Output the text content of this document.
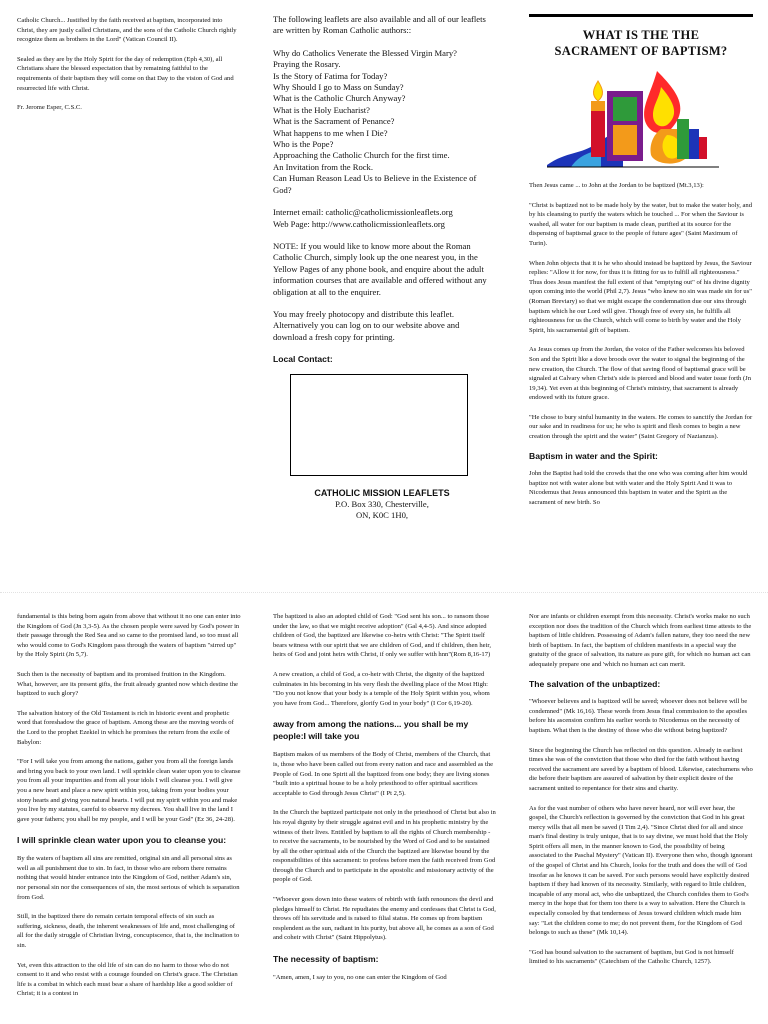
Catholic Church... Justified by the faith received at baptism, incorporated into Christ, they are justly called Christians, and the sons of the Catholic Church rightly recognize them as brothers in the Lord" (Vatican Council II).

Sealed as they are by the Holy Spirit for the day of redemption (Eph 4,30), all Christians share the blessed expectation that by remaining faithful to the requirements of their baptism they will come on that Day to the vision of God and resurrected life with Christ.

Fr. Jerome Esper, C.S.C.

The following leaflets are also available and all of our leaflets are written by Roman Catholic authors::

Why do Catholics Venerate the Blessed Virgin Mary?
Praying the Rosary.
Is the Story of Fatima for Today?
Why Should I go to Mass on Sunday?
What is the Catholic Church Anyway?
What is the Holy Eucharist?
What is the Sacrament of Penance?
What happens to me when I Die?
Who is the Pope?
Approaching the Catholic Church for the first time.
An Invitation from the Rock.
Can Human Reason Lead Us to Believe in the Existence of God?
Internet email: catholic@catholicmissionleaflets.org
Web Page: http://www.catholicmissionleaflets.org

NOTE: If you would like to know more about the Roman Catholic Church, simply look up the one nearest you, in the Yellow Pages of any phone book, and enquire about the adult information courses that are available and offered without any obligation at all to the enquirer.

You may freely photocopy and distribute this leaflet. Alternatively you can log on to our website above and download a fresh copy for printing.

Local Contact:
CATHOLIC MISSION LEAFLETS
P.O. Box 330, Chesterville,
ON, K0C 1H0,
WHAT IS THE THE
SACRAMENT OF BAPTISM?

Then Jesus came ... to John at the Jordan to be baptized (Mt.3,13):

"Christ is baptized not to be made holy by the water, but to make the water holy, and by his cleansing to purify the waters which he touched ... For when the Saviour is washed, all water for our baptism is made clean, purified at its source for the dispensing of baptismal grace to the people of future ages" (Saint Maximum of Turin).

When John objects that it is he who should instead be baptized by Jesus, the Saviour replies: "Allow it for now, for thus it is fitting for us to fulfill all righteousness." Thus does Jesus manifest the full extent of that "emptying out" of his divine dignity upon coming into the world (Phil 2,7). Jesus "who knew no sin was made sin for us" (Roman Breviary) so that we might escape the condemnation due our sins through baptism which he our Lord will give. Though free of every sin, he fulfills all righteousness for us the Church, which will come to birth by water and the Holy Spirit, his sacramental gift of baptism.

As Jesus comes up from the Jordan, the voice of the Father welcomes his beloved Son and the Spirit like a dove broods over the water to signal the beginning of the new creation, the Church. The flow of that saving flood of baptismal grace will be signaled at Calvary when Christ's side is pierced and blood and water issue forth (Jn 19,34). Yet even at this beginning of Christ's ministry, that sacrament is already endowed with its future grace.

"He chose to bury sinful humanity in the waters. He comes to sanctify the Jordan for our sake and in readiness for us; he who is spirit and flesh comes to begin a new creation through the spirit and the water" (Saint Gregory of Nazianzus).

Baptism in water and the Spirit:

John the Baptist had told the crowds that the one who was coming after him would baptize not with water alone but with water and the Holy Spirit And it was to Nicodemus that Jesus announced this baptism in water and the Spirit as the sacrament of new birth. So

fundamental is this being born again from above that without it no one can enter into the Kingdom of God (Jn 3,3-5). As the chosen people were saved by God's power in their passage through the Red Sea and so came to the promised land, so too must all who would come to God's Kingdom pass through the waters of baptism "sirred up" by the Holy Spirit (Jn 5,7).

Such then is the necessity of baptism and its promised fruition in the Kingdom. What, however, are its present gifts, the fruit already granted now which destine the baptized to such glory?

The salvation history of the Old Testament is rich in historic event and prophetic word that foreshadow the grace of baptism. Among these are the moving words of the Lord to the prophet Ezekiel in which he promises the return from the exile of Babylon:

"For I will take you from among the nations, gather you from all the foreign lands and bring you back to your own land. I will sprinkle clean water upon you to cleanse you from all your impurities and from all your idols I will cleanse you. I will give you a new heart and place a new spirit within you, taking from your bodies your stony hearts and giving you natural hearts. I will put my spirit within you and make you live by my statutes, careful to observe my decrees. You shall live in the land I gave your fathers; you shall be my people, and I will be your God" (Ez 36, 24-28).

I will sprinkle clean water upon you to cleanse you:

By the waters of baptism all sins are remitted, original sin and all personal sins as well as all punishment due to sin. In fact, in those who are reborn there remains nothing that would hinder entrance into the Kingdom of God, neither Adam's sin, nor personal sin nor the consequences of sin, the most serious of which is separation from God.

Still, in the baptized there do remain certain temporal effects of sin such as suffering, sickness, death, the inherent weaknesses of life and, most challenging of all for the daily struggle of Christian living, concupiscence, that is, the inclination to sin.

Yet, even this attraction to the old life of sin can do no harm to those who do not consent to it and who resist with a courage founded on Christ's grace. The Christian life is a combat in which each must bear a share of hardship like a good soldier of Christ; it is a contest in

The baptized is also an adopted child of God: "God sent his son... to ransom those under the law, so that we might receive adoption" (Gal 4,4-5). And since adopted children of God, the baptized are likewise co-heirs with Christ: "The Spirit itself bears witness with our spirit that we are children of God, and if children, then heir, heirs of God and joint heirs with Christ, if only we suffer with hnn"(Rom 8,16-17)

A new creation, a child of God, a co-heir with Christ, the dignity of the baptized culminates in his becoming in his very flesh the dwelling place of the Most High: "Do you not know that your body is a temple of the Holy Spirit within you, whom you have from God... Therefore, glorify God in your body" (I Cor 6,19-20).

away from among the nations... you shall be my people:I will take you

Baptism makes of us members of the Body of Christ, members of the Church, that is, those who have been called out from every nation and race and assembled as the People of God. In one Spirit all the baptized from one body; they are living stones "built into a spiritual house to be a holy priesthood to offer spiritual sacrifices acceptable to God through Jesus Christ" (I Pt 2,5).

In the Church the baptized participate not only in the priesthood of Christ but also in his royal dignity by their struggle against evil and in his prophetic ministry by the witness of their lives. Entitled by baptism to all the rights of Church membership - to receive the sacraments, to be nourished by the Word of God and to be sustained by all the other spiritual aids of the Church the baptized are likewise bound by the responsibilities of this sacrament: to profess before men the faith received from God through the Church and to participate in the apostolic and missionary activity of the people of God.

"Whoever goes down into these waters of rebirth with faith renounces the devil and pledges himself to Christ. He repudiates the enemy and confesses that Christ is God, throws off his servitude and is raised to filial status. He comes up from baptism resplendent as the sun, radiant in his purity, but above all, he comes as a son of God and coheir with Christ" (Saint Hippolytus).

The necessity of baptism:

"Amen, amen, I say to you, no one can enter the Kingdom of God

Nor are infants or children exempt from this necessity. Christ's works make no such exception nor does the tradition of the Church which from earliest time attests to the baptism of little children. Possessing of Adam's fallen nature, they too need the new birth of baptism. In fact, the baptism of children manifests in a special way the gratuity of the grace of salvation, its nature as pure gift, for which no human act can adequately prepare one and 'which no human act can merit.

The salvation of the unbaptized:

"Whoever believes and is baptized will be saved; whoever does not believe will be condemned" (Mk 16,16). These words from Jesus final commission to the apostles before his ascension confirm his earlier words to Nicodemus on the necessity of baptism. What then is the destiny of those who die without being baptized?

Since the beginning the Church has reflected on this question. Already in earliest times she was of the conviction that those who died for the faith without having received the sacrament are saved by a baptism of blood. Likewise, catechumens who die before their baptism are assured of salvation by their explicit desire of the sacrament united to repentance for their sins and charity.

As for the vast number of others who have never heard, nor will ever hear, the gospel, the Church's reflection is governed by the conviction that God in his great mercy wills that all men be saved (I Tim 2,4). "Since Christ died for all and since man's final destiny is truly unique, that is to say divine, we must hold that the Holy Spirit offers all men, in the manner known to God, the possibility of being associated to the Paschal Mystery" (Vatican II). Everyone then who, though ignorant of the gospel of Christ and his Church, looks for the truth and does the will of God insofar as he knows it can be saved. For such persons would have explicitly desired baptism if they had known of its necessity. Similarly, with regard to little children, incapable of any moral act, who die unbaptized, the Church confides them to God's mercy in the hope that for them too there is a way to salvation. Here the Church is especially consoled by that tenderness of Jesus toward children which made him say: "Let the children come to me; do not prevent them, for the Kingdom of God belongs to such as these" (Mk 10,14).

"God has bound salvation to the sacrament of baptism, but God is not himself limited to his sacraments" (Catechism of the Catholic Church, 1257).
